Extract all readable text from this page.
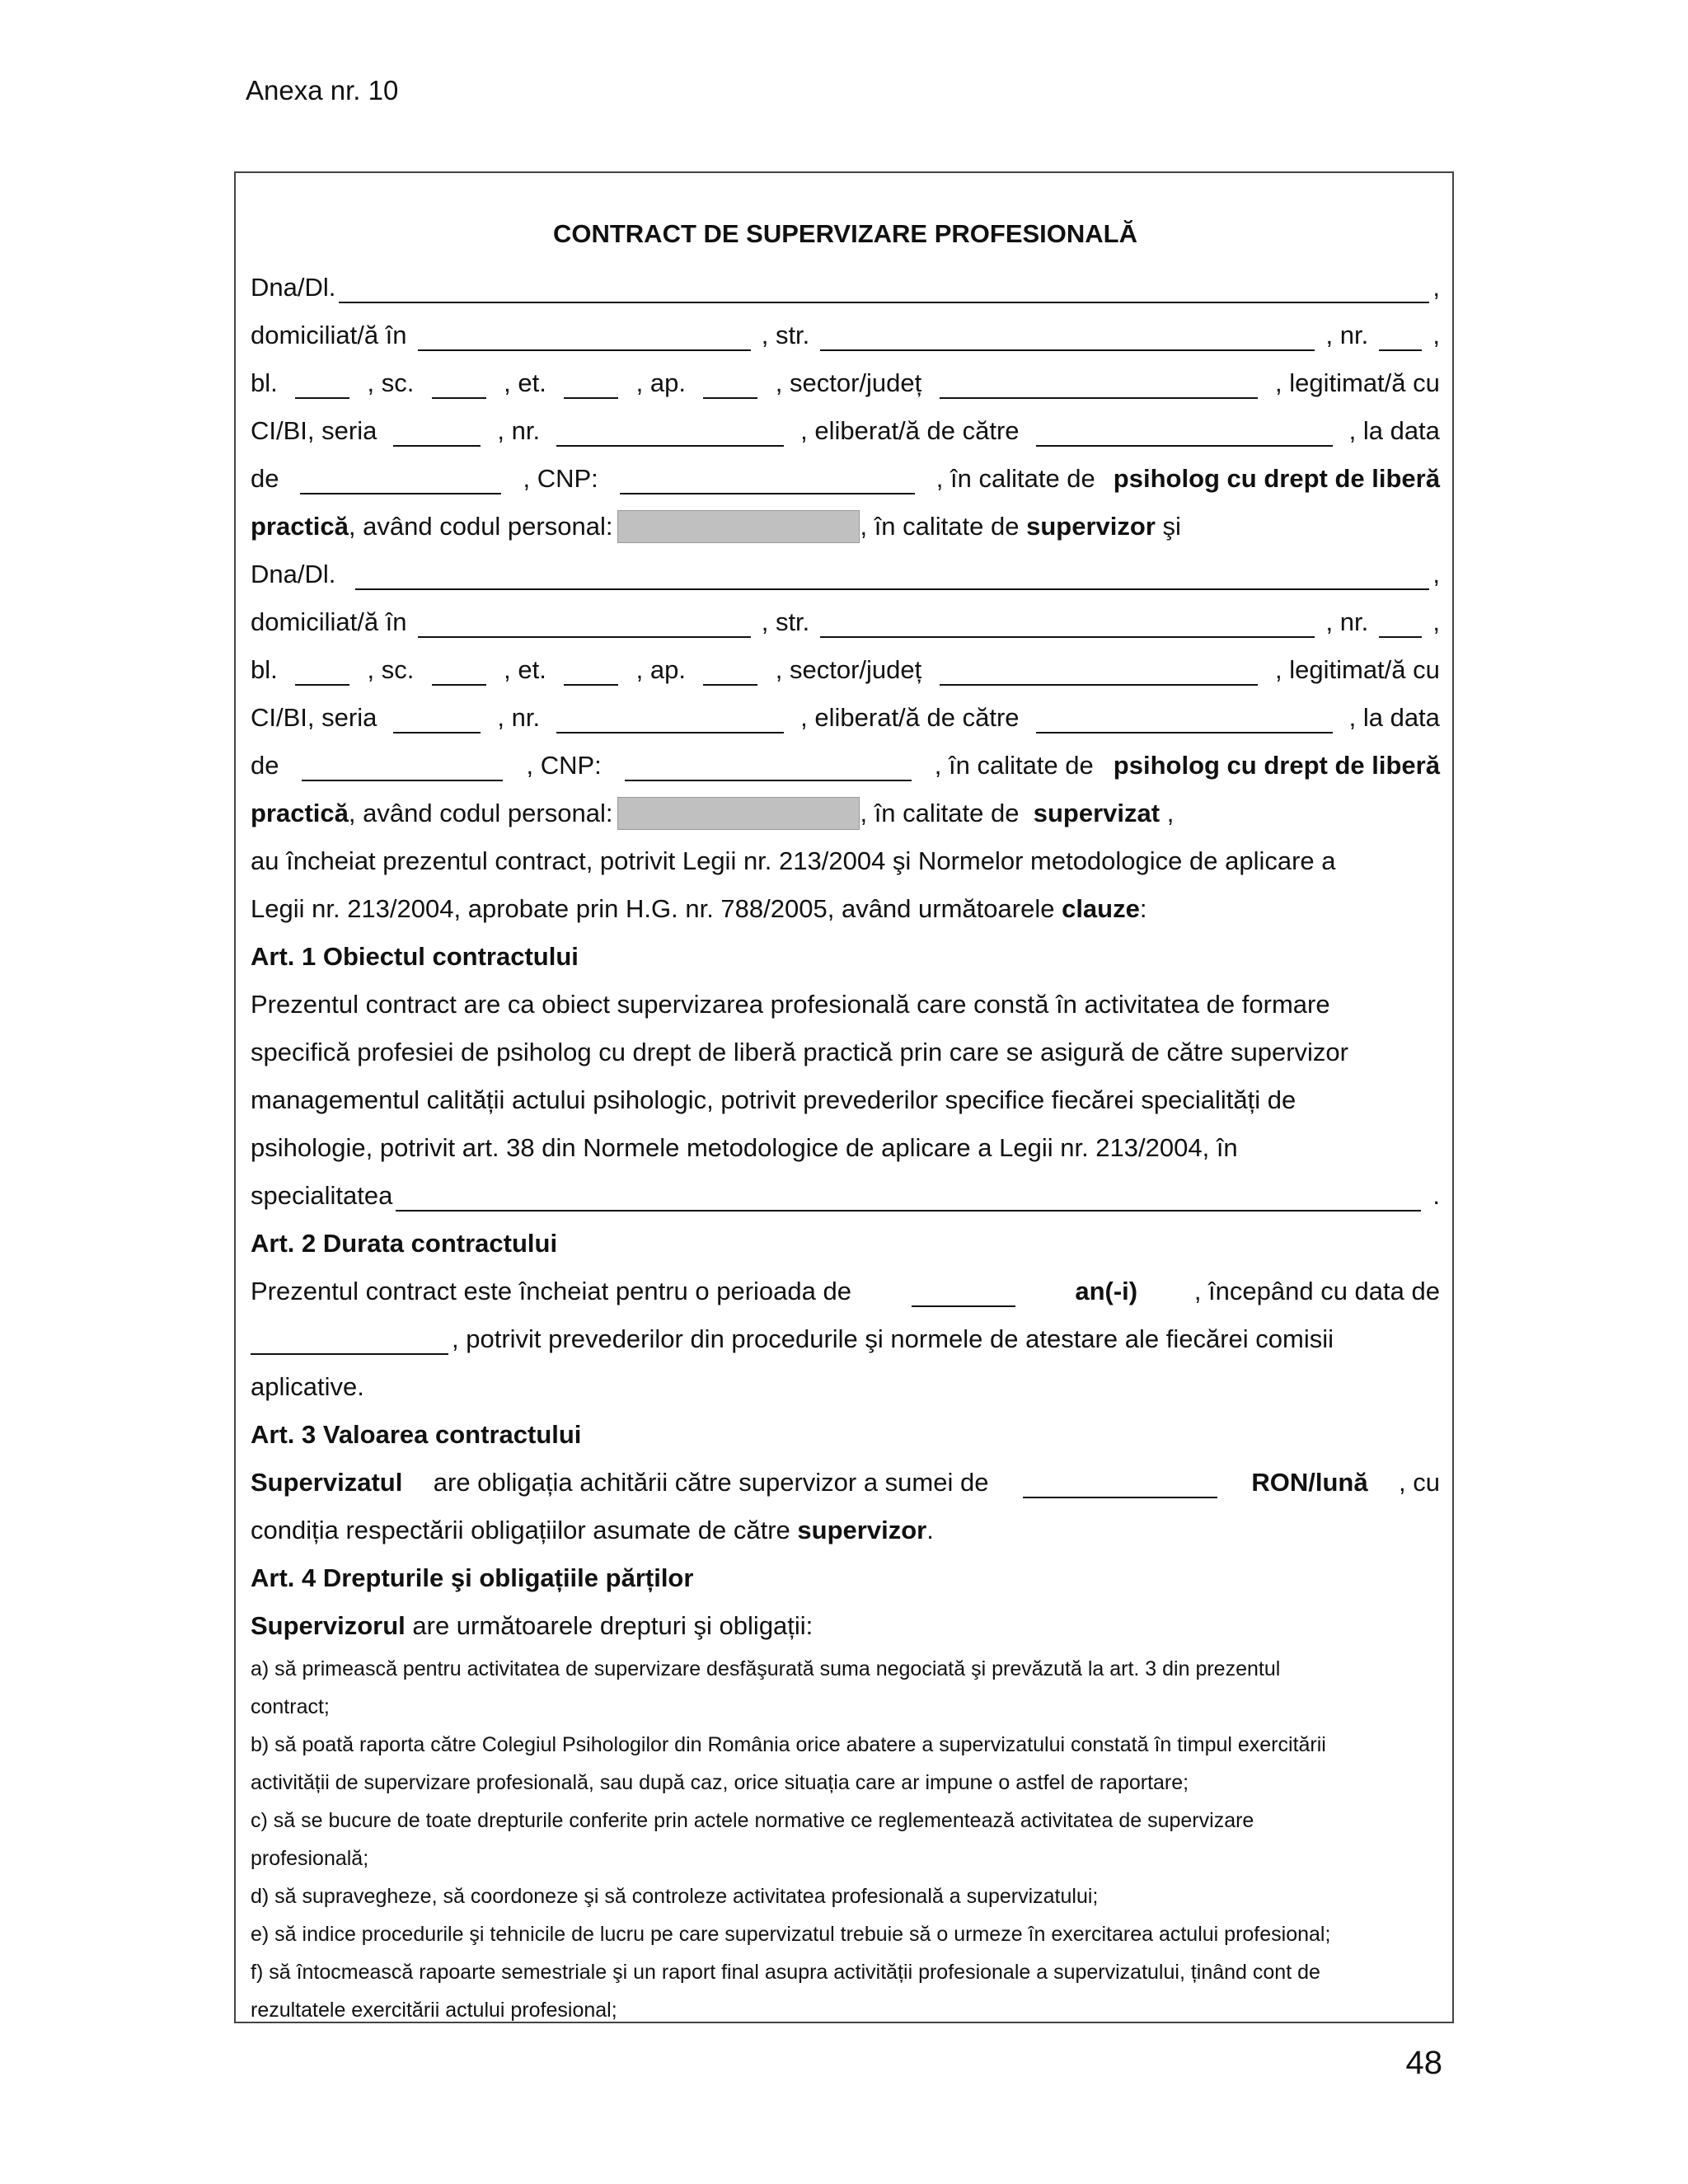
Anexa nr. 10
CONTRACT DE SUPERVIZARE PROFESIONALĂ
Dna/Dl.	,
domiciliat/ă în	, str.	, nr.	,
bl.	, sc.	, et.	, ap.	, sector/județ	, legitimat/ă cu
CI/BI, seria	, nr.	, eliberat/ă de către	, la data
de	, CNP:	, în calitate de psiholog cu drept de liberă
practică , având codul personal:	, în calitate de
supervizor
şi
Dna/Dl.	,
domiciliat/ă în	, str.	, nr.	,
bl.	, sc.	, et.	, ap.	, sector/județ	, legitimat/ă cu
CI/BI, seria	, nr.	, eliberat/ă de către	, la data
de	, CNP:	, în calitate de psiholog cu drept de liberă
practică , având codul personal:	, în calitate de
supervizat
,
au încheiat prezentul contract, potrivit Legii nr. 213/2004 şi Normelor metodologice de aplicare a
Legii nr. 213/2004, aprobate prin H.G. nr. 788/2005, având următoarele
clauze :
Art. 1 Obiectul contractului
Prezentul contract are ca obiect supervizarea profesională care constă în activitatea de formare
specifică profesiei de psiholog cu drept de liberă practică prin care se asigură de către supervizor
managementul calității actului psihologic, potrivit prevederilor specifice fiecărei specialități de
psihologie, potrivit art. 38 din Normele metodologice de aplicare a Legii nr. 213/2004, în
specialitatea	.
Art. 2 Durata contractului
Prezentul contract este încheiat pentru o perioada de	an(-i) , începând cu data de
, potrivit prevederilor din procedurile şi normele de atestare ale fiecărei comisii
aplicative.
Art. 3 Valoarea contractului
Supervizatul are obligația achitării către supervizor a sumei de	RON/lună , cu
condiția respectării obligațiilor asumate de către
supervizor .
Art. 4 Drepturile şi obligațiile părților
Supervizorul
are următoarele drepturi şi obligații:
a) să primească pentru activitatea de supervizare desfăşurată suma negociată şi prevăzută la art. 3 din prezentul
contract;
b) să poată raporta către Colegiul Psihologilor din România orice abatere a supervizatului constată în timpul exercitării
activității de supervizare profesională, sau după caz, orice situația care ar impune o astfel de raportare;
c) să se bucure de toate drepturile conferite prin actele normative ce reglementează activitatea de supervizare
profesională;
d) să supravegheze, să coordoneze şi să controleze activitatea profesională a supervizatului;
e) să indice procedurile şi tehnicile de lucru pe care supervizatul trebuie să o urmeze în exercitarea actului profesional;
f) să întocmească rapoarte semestriale şi un raport final asupra activității profesionale a supervizatului, ținând cont de
rezultatele exercitării actului profesional;
48
